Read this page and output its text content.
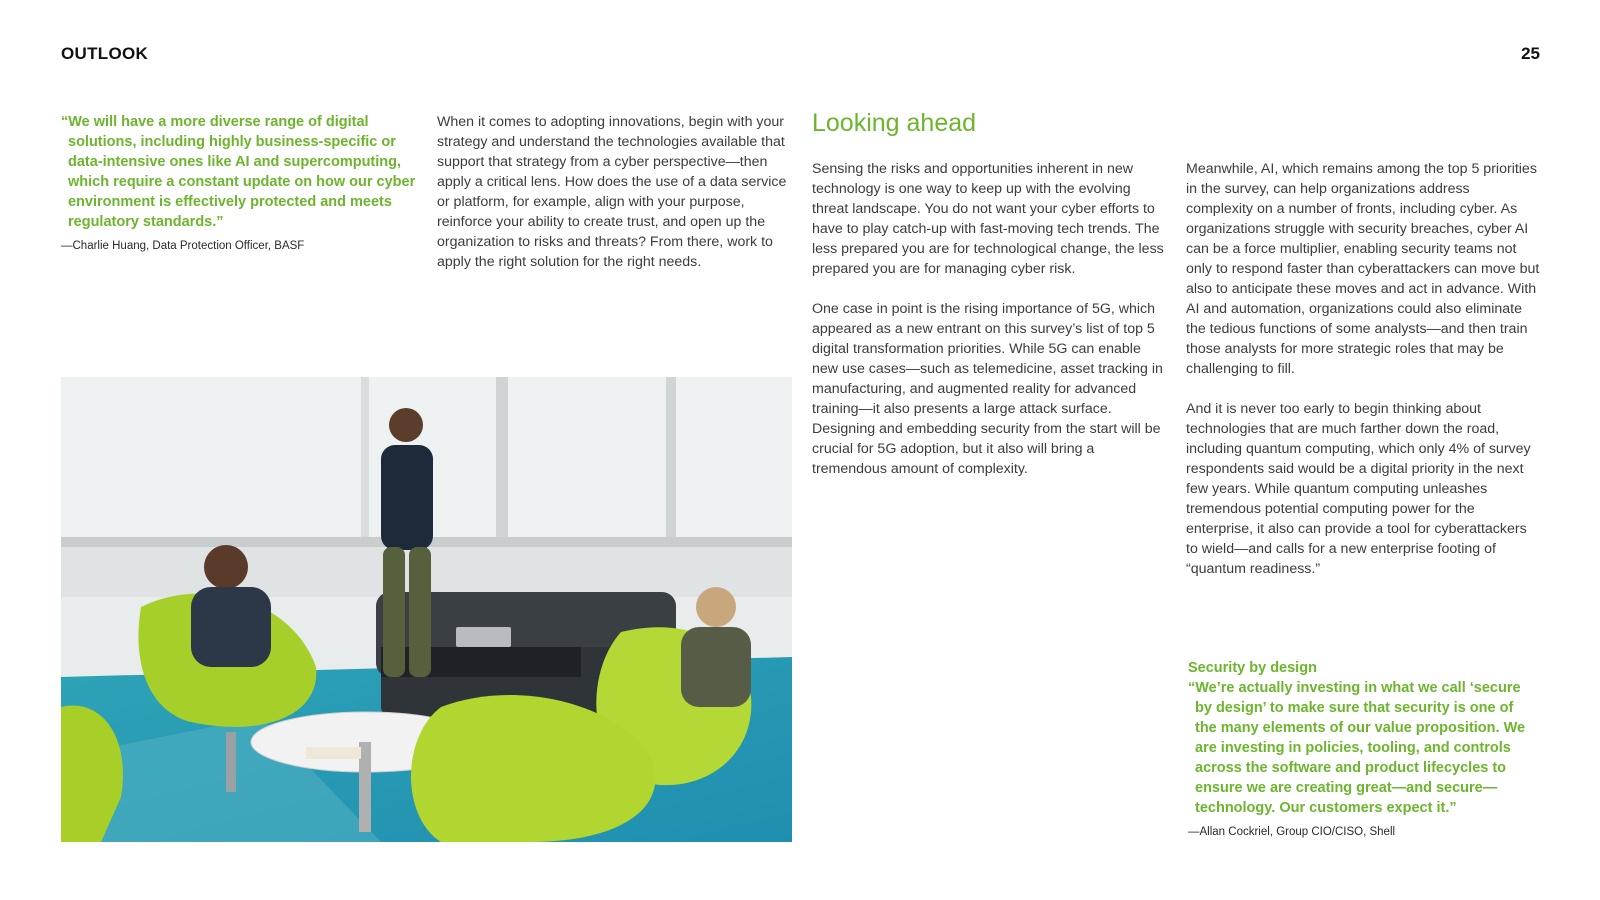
OUTLOOK	25

“We will have a more diverse range of digital solutions, including highly business-specific or data-intensive ones like AI and supercomputing, which require a constant update on how our cyber environment is effectively protected and meets regulatory standards.”

—Charlie Huang, Data Protection Officer, BASF

When it comes to adopting innovations, begin with your strategy and understand the technologies available that support that strategy from a cyber perspective—then apply a critical lens. How does the use of a data service or platform, for example, align with your purpose, reinforce your ability to create trust, and open up the organization to risks and threats? From there, work to apply the right solution for the right needs.

Looking ahead

Sensing the risks and opportunities inherent in new technology is one way to keep up with the evolving threat landscape. You do not want your cyber efforts to have to play catch-up with fast-moving tech trends. The less prepared you are for technological change, the less prepared you are for managing cyber risk.

One case in point is the rising importance of 5G, which appeared as a new entrant on this survey’s list of top 5 digital transformation priorities. While 5G can enable new use cases—such as telemedicine, asset tracking in manufacturing, and augmented reality for advanced training—it also presents a large attack surface. Designing and embedding security from the start will be crucial for 5G adoption, but it also will bring a tremendous amount of complexity.

Meanwhile, AI, which remains among the top 5 priorities in the survey, can help organizations address complexity on a number of fronts, including cyber. As organizations struggle with security breaches, cyber AI can be a force multiplier, enabling security teams not only to respond faster than cyberattackers can move but also to anticipate these moves and act in advance. With AI and automation, organizations could also eliminate the tedious functions of some analysts—and then train those analysts for more strategic roles that may be challenging to fill.

And it is never too early to begin thinking about technologies that are much farther down the road, including quantum computing, which only 4% of survey respondents said would be a digital priority in the next few years. While quantum computing unleashes tremendous potential computing power for the enterprise, it also can provide a tool for cyberattackers to wield—and calls for a new enterprise footing of “quantum readiness.”

Security by design

“We’re actually investing in what we call ‘secure by design’ to make sure that security is one of the many elements of our value proposition. We are investing in policies, tooling, and controls across the software and product lifecycles to ensure we are creating great—and secure—technology. Our customers expect it.”

—Allan Cockriel, Group CIO/CISO, Shell
